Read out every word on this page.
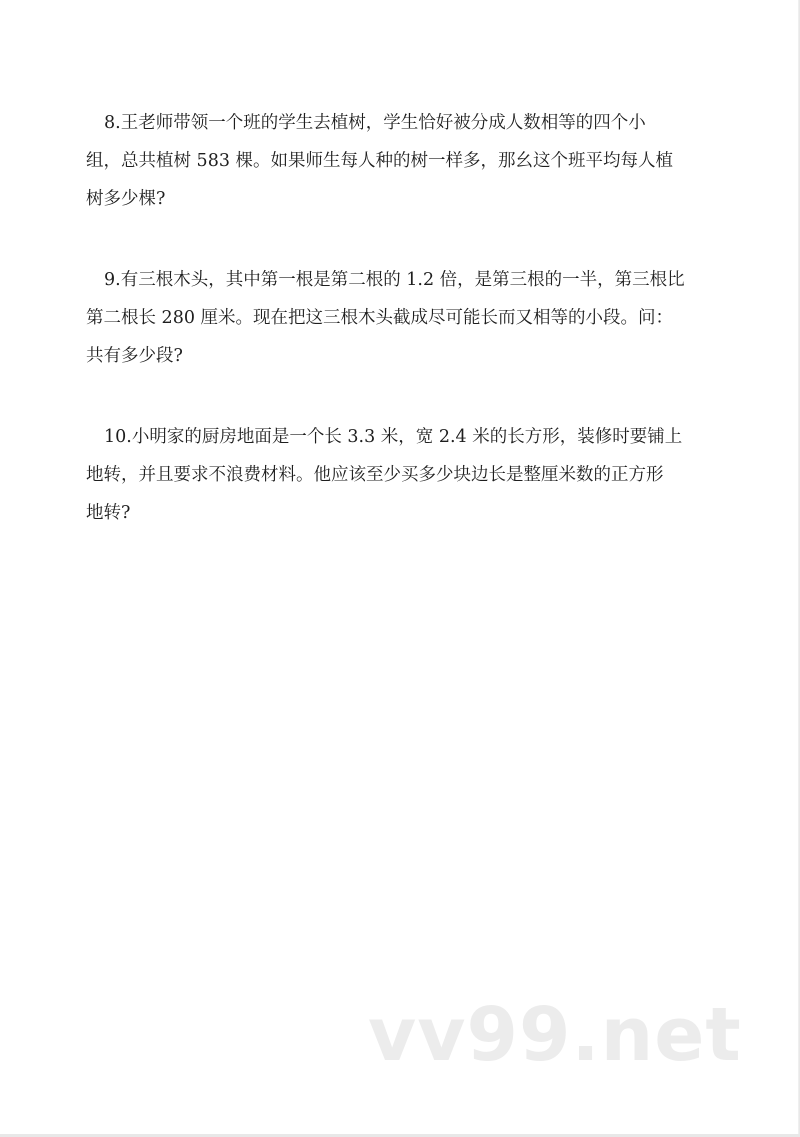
8.王老师带领一个班的学生去植树，学生恰好被分成人数相等的四个小
组，总共植树 583 棵。如果师生每人种的树一样多，那幺这个班平均每人植
树多少棵?
9.有三根木头，其中第一根是第二根的 1.2 倍，是第三根的一半，第三根比
第二根长 280 厘米。现在把这三根木头截成尽可能长而又相等的小段。问：
共有多少段?
10.小明家的厨房地面是一个长 3.3 米，宽 2.4 米的长方形，装修时要铺上
地转，并且要求不浪费材料。他应该至少买多少块边长是整厘米数的正方形
地转?
vv99.net
